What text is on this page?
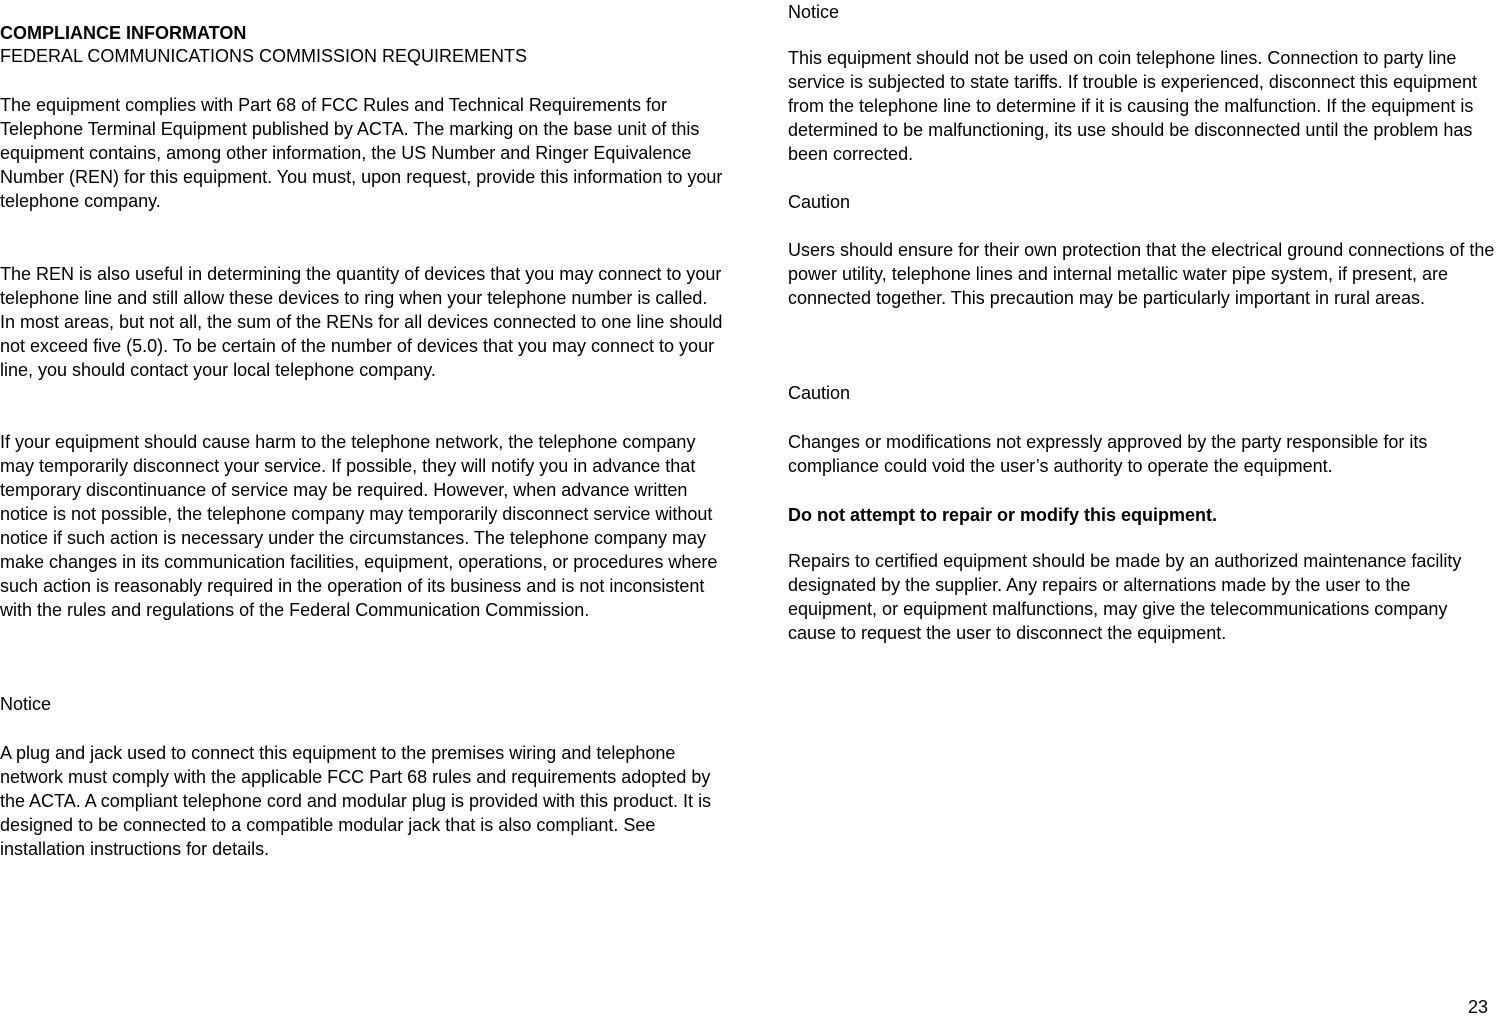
COMPLIANCE INFORMATON
FEDERAL COMMUNICATIONS COMMISSION REQUIREMENTS

The equipment complies with Part 68 of FCC Rules and Technical Requirements for Telephone Terminal Equipment published by ACTA. The marking on the base unit of this equipment contains, among other information, the US Number and Ringer Equivalence Number (REN) for this equipment. You must, upon request, provide this information to your telephone company.

The REN is also useful in determining the quantity of devices that you may connect to your telephone line and still allow these devices to ring when your telephone number is called. In most areas, but not all, the sum of the RENs for all devices connected to one line should not exceed five (5.0). To be certain of the number of devices that you may connect to your line, you should contact your local telephone company.

If your equipment should cause harm to the telephone network, the telephone company may temporarily disconnect your service. If possible, they will notify you in advance that temporary discontinuance of service may be required. However, when advance written notice is not possible, the telephone company may temporarily disconnect service without notice if such action is necessary under the circumstances. The telephone company may make changes in its communication facilities, equipment, operations, or procedures where such action is reasonably required in the operation of its business and is not inconsistent with the rules and regulations of the Federal Communication Commission.

Notice

A plug and jack used to connect this equipment to the premises wiring and telephone network must comply with the applicable FCC Part 68 rules and requirements adopted by the ACTA. A compliant telephone cord and modular plug is provided with this product. It is designed to be connected to a compatible modular jack that is also compliant. See installation instructions for details.

Notice

This equipment should not be used on coin telephone lines. Connection to party line service is subjected to state tariffs. If trouble is experienced, disconnect this equipment from the telephone line to determine if it is causing the malfunction. If the equipment is determined to be malfunctioning, its use should be disconnected until the problem has been corrected.

Caution

Users should ensure for their own protection that the electrical ground connections of the power utility, telephone lines and internal metallic water pipe system, if present, are connected together. This precaution may be particularly important in rural areas.

Caution

Changes or modifications not expressly approved by the party responsible for its compliance could void the user’s authority to operate the equipment.

Do not attempt to repair or modify this equipment.

Repairs to certified equipment should be made by an authorized maintenance facility designated by the supplier. Any repairs or alternations made by the user to the equipment, or equipment malfunctions, may give the telecommunications company cause to request the user to disconnect the equipment.

23
